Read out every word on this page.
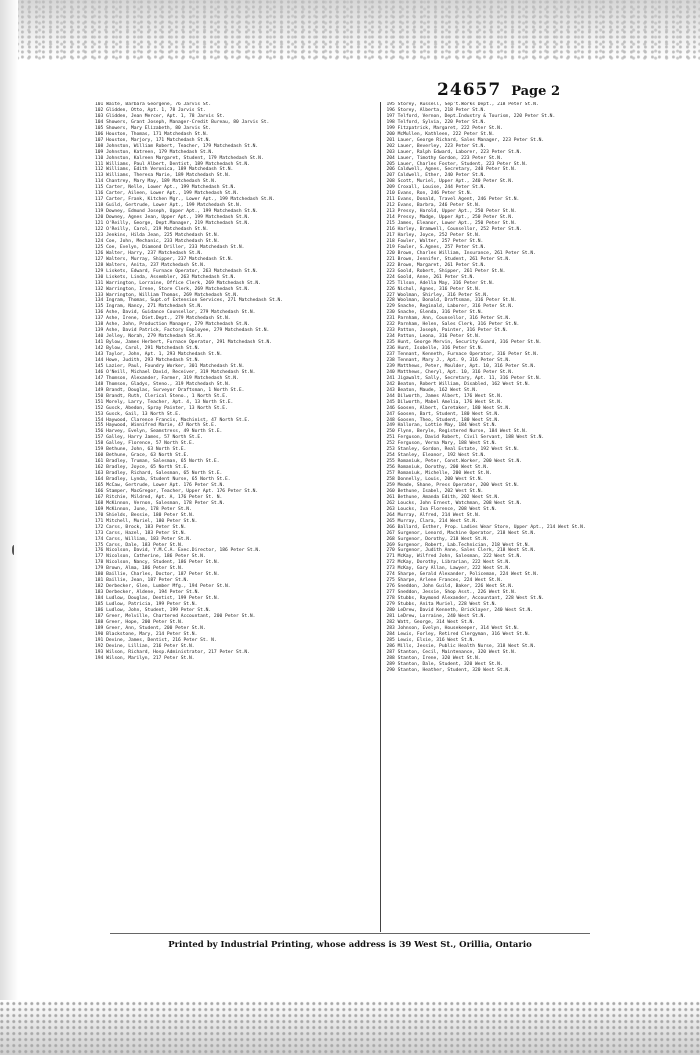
24657 Page 2
101 Waite, Barbara Georgene, 76 Jarvis St.
102 Glidden, Otto, Apt. 1, 78 Jarvis St.
103 Glidden, Jean Mercer, Apt. 1, 78 Jarvis St.
104 Showers, Grant Joseph, Manager-Credit Bureau, 80 Jarvis St.
105 Showers, Mary Elizabeth, 80 Jarvis St.
106 Houston, Thomas, 171 Matchedash St.N.
107 Houston, Marjory, 171 Matchedash St.N.
108 Johnston, William Robert, Teacher, 179 Matchedash St.N.
109 Johnston, Katreen, 179 Matchedash St.N.
110 Johnston, Kalreen Margaret, Student, 179 Matchedash St.N.
111 Williams, Paul Albert, Dentist, 189 Matchedash St.N.
112 Williams, Edith Veronica, 189 Matchedash St.N.
113 Williams, Theresa Marie, 189 Matchedash St.N.
114 Chantrey, Mary May, 189 Matchedash St.N.
115 Carter, Nelle, Lower Apt., 199 Matchedash St.N.
116 Carter, Aileen, Lower Apt., 199 Matchedash St.N.
117 Carter, Frank, Kitchen Mgr., Lower Apt., 199 Matchedash St.N.
118 Guild, Gertrude, Lower Apt., 199 Matchedash St.N.
119 Downey, Edmund Joseph, Upper Apt., 199 Matchedash St.N.
120 Downey, Agnes Jean, Upper Apt., 199 Matchedash St.N.
121 O'Reilly, George, Dept.Manager, 219 Matchedash St.N.
122 O'Reilly, Carol, 219 Matchedash St.N.
123 Jenkins, Hilda Jean, 225 Matchedash St.N.
124 Coe, John, Mechanic, 233 Matchedash St.N.
125 Coe, Evelyn, Diamond Driller, 233 Matchedash St.N.
126 Walter, Harry, 237 Matchedash St.N.
127 Walters, Murray, Shipper, 237 Matchedash St.N.
128 Walters, Anita, 237 Matchedash St.N.
129 Liskets, Edward, Furnace Operator, 263 Matchedash St.N.
130 Liskets, Linda, Assembler, 263 Matchedash St.N.
131 Warrington, Lorraine, Office Clerk, 269 Matchedash St.N.
132 Warrington, Irene, Store Clerk, 269 Matchedash St.N.
133 Warrington, William Thomas, 269 Matchedash St.N.
134 Ingram, Thomas, Supt.of Extension Services, 271 Matchedash St.N.
135 Ingram, Nancy, 271 Matchedash St.N.
136 Ashe, David, Guidance Counsellor, 279 Matchedash St.N.
137 Ashe, Irene, Diet.Dept., 279 Matchedash St.N.
138 Ashe, John, Production Manager, 279 Matchedash St.N.
139 Ashe, David Patrick, Factory Employee, 279 Matchedash St.N.
140 Jelley, Norah, 279 Matchedash St.N.
141 Bylow, James Herbert, Furnace Operator, 291 Matchedash St.N.
142 Bylow, Carol, 291 Matchedash St.N.
143 Taylor, John, Apt. 1, 293 Matchedash St.N.
144 Howe, Judith, 293 Matchedash St.N.
145 Lazier, Paul, Foundry Worker, 301 Matchedash St.N.
146 O'Neill, Michael David, Receiver, 319 Matchedash St.N.
147 Thomson, Alexander, Farmer, 319 Matchedash St.N.
148 Thomson, Gladys, Steno., 319 Matchedash St.N.
149 Brandt, Douglas, Surveyor Draftsman, 1 North St.E.
150 Brandt, Ruth, Clerical Steno., 1 North St.E.
151 Morely, Larry, Teacher, Apt. 4, 13 North St.E.
152 Gusck, Abedon, Spray Painter, 13 North St.E.
153 Gusck, Gail, 13 North St.E.
154 Haywood, Clarence Francis, Machinist, 47 North St.E.
155 Haywood, Winnifred Marie, 47 North St.E.
156 Harvey, Evelyn, Seamstress, 49 North St.E.
157 Galley, Harry James, 57 North St.E.
158 Galley, Florence, 57 North St.E.
159 Bethune, John, 63 North St.E.
160 Bethune, Grace, 63 North St.E.
161 Bradley, Truman, Salesman, 65 North St.E.
162 Bradley, Joyce, 65 North St.E.
163 Bradley, Richard, Salesman, 65 North St.E.
164 Bradley, Lynda, Student Nurse, 65 North St.E.
165 McCaw, Gertrude, Lower Apt. 176 Peter St.N.
166 Stamper, MacGregor, Teacher, Upper Apt. 176 Peter St.N.
167 Ritchie, Mildred, Apt. A, 176 Peter St. N.
168 McKinnon, Vernon, Salesman, 178 Peter St.N.
169 McKinnon, June, 178 Peter St.N.
170 Shields, Bessie, 180 Peter St.N.
171 Mitchell, Muriel, 180 Peter St.N.
172 Carss, Brock, 183 Peter St.N.
173 Carss, Hazel, 183 Peter St.N.
174 Carss, William, 183 Peter St.N.
175 Carss, Dale, 183 Peter St.N.
176 Nicolson, David, Y.M.C.A. Exec.Director, 186 Peter St.N.
177 Nicolson, Catherine, 186 Peter St.N.
178 Nicolson, Nancy, Student, 186 Peter St.N.
179 Brown, Alma, 186 Peter St.N.
180 Baillie, Charles, Doctor, 187 Peter St.N.
181 Baillie, Jean, 187 Peter St.N.
182 Derbecker, Glen, Lumber Mfg., 194 Peter St.N.
183 Derbecker, Aldene, 194 Peter St.N.
184 Ludlow, Douglas, Dentist, 199 Peter St.N.
185 Ludlow, Patricia, 199 Peter St.N.
186 Ludlow, John, Student, 199 Peter St.N.
187 Greer, Melville, Chartered Accountant, 200 Peter St.N.
188 Greer, Hope, 200 Peter St.N.
189 Greer, Ann, Student, 200 Peter St.N.
190 Blackstone, Mary, 214 Peter St.N.
191 Devine, James, Dentist, 216 Peter St. N.
192 Devine, Lillian, 216 Peter St.N.
193 Wilson, Richard, Hosp.Administrator, 217 Peter St.N.
194 Wilson, Marilyn, 217 Peter St.N.
195 Storey, Russell, Sep't.Works Dept., 218 Peter St.N.
196 Storey, Alberta, 218 Peter St.N.
197 Telford, Vernon, Dept.Industry & Tourism, 220 Peter St.N.
198 Telford, Sylvia, 220 Peter St.N.
199 Fitzpatrick, Margaret, 222 Peter St.N.
200 McMullen, Kathleen, 222 Peter St.N.
201 Lauer, George Richard, Sales Manager, 223 Peter St.N.
202 Lauer, Beverley, 223 Peter St.N.
203 Lauer, Ralph Edward, Laborer, 223 Peter St.N.
204 Lauer, Timothy Gordon, 223 Peter St.N.
205 Lauer, Charles Foster, Student, 223 Peter St.N.
206 Caldwell, Agnes, Secretary, 240 Peter St.N.
207 Caldwell, Ether, 240 Peter St.N.
208 Scott, Muriel, Upper Apt., 240 Peter St.N.
209 Croxall, Louise, 244 Peter St.N.
210 Evans, Ron, 246 Peter St.N.
211 Evans, Donald, Travel Agent, 246 Peter St.N.
212 Evans, Barbra, 246 Peter St.N.
213 Pressy, Harold, Upper Apt., 250 Peter St.N.
214 Pressy, Madge, Upper Apt., 250 Peter St.N.
215 James, Eleanor, Lower Apt., 250 Peter St.N.
216 Harley, Bramwell, Counsellor, 252 Peter St.N.
217 Harley, Joyce, 252 Peter St.N.
218 Fowler, Walter, 257 Peter St.N.
219 Fowler, S.Agnes, 257 Peter St.N.
220 Brown, Charles William, Insurance, 261 Peter St.N.
221 Brown, Jennifer, Student, 261 Peter St.N.
222 Brown, Margaret, 261 Peter St.N.
223 Goold, Robert, Shipper, 261 Peter St.N.
224 Goold, Anne, 261 Peter St.N.
225 Tilson, Adella May, 316 Peter St.N.
226 Nichol, Agnes, 316 Peter St.N.
227 Woolman, Shirley, 316 Peter St.N.
228 Woolman, Donald, Draftsman, 316 Peter St.N.
229 Snache, Reginald, Laborer, 316 Peter St.N.
230 Snache, Glenda, 316 Peter St.N.
231 Parnham, Ann, Counsellor, 316 Peter St.N.
232 Parnham, Helen, Sales Clerk, 316 Peter St.N.
233 Patton, Joseph, Painter, 316 Peter St.N.
234 Patton, Leona, 316 Peter St.N.
235 Hunt, George Mervin, Security Guard, 316 Peter St.N.
236 Hunt, Isobelle, 316 Peter St.N.
237 Tennant, Kenneth, Furnace Operator, 316 Peter St.N.
238 Tennant, Mary J., Apt. 9, 316 Peter St.N.
239 Matthews, Peter, Moulder, Apt. 10, 316 Peter St.N.
240 Matthews, Cheryl, Apt. 10, 316 Peter St.N.
241 Jigawalt, Sally, Secretary, Apt. 11, 316 Peter St.N.
242 Beaton, Robert William, Disabled, 162 West St.N.
243 Beaton, Maude, 162 West St.N.
244 Dilworth, James Albert, 176 West St.N.
245 Dilworth, Mabel Amelia, 176 West St.N.
246 Goosen, Albert, Caretaker, 180 West St.N.
247 Goosen, Bart, Student, 180 West St.N.
248 Goosen, Theo, Student, 180 West St.N.
249 Halloran, Lottie May, 184 West St.N.
250 Flynn, Beryle, Registered Nurse, 184 West St.N.
251 Ferguson, David Robert, Civil Servant, 188 West St.N.
252 Ferguson, Verna Mary, 188 West St.N.
253 Stanley, Gordon, Real Estate, 192 West St.N.
254 Stanley, Eleanor, 192 West St.N.
255 Romaniuk, Peter, Const.Worker, 200 West St.N.
256 Romaniuk, Dorothy, 200 West St.N.
257 Romaniuk, Michelle, 200 West St.N.
258 Donnelly, Louis, 200 West St.N.
259 Meade, Shane, Press Operator, 200 West St.N.
260 Bethune, Isabel, 202 West St.N.
261 Bethune, Amanda Edith, 202 West St.N.
262 Loucks, John Ernest, Watchman, 208 West St.N.
263 Loucks, Iva Florence, 208 West St.N.
264 Murray, Alfred, 214 West St.N.
265 Murray, Clara, 214 West St.N.
266 Ballard, Esther, Prop. Ladies Wear Store, Upper Apt., 214 West St.N.
267 Surgenor, Lenord, Machine Operator, 218 West St.N.
268 Surgenor, Dorothy, 218 West St.N.
269 Surgenor, Robert, Lab.Technician, 218 West St.N.
270 Surgenor, Judith Anne, Sales Clerk, 218 West St.N.
271 McKay, Wilfred John, Salesman, 222 West St.N.
272 McKay, Dorothy, Librarian, 222 West St.N.
273 McKay, Gary Allan, Lawyer, 222 West St.N.
274 Sharpe, Gerald Alexander, Policeman, 224 West St.N.
275 Sharpe, Arlene Frances, 224 West St.N.
276 Sneddon, John Guild, Baker, 226 West St.N.
277 Sneddon, Jessie, Shop Asst., 226 West St.N.
278 Stubbs, Raymond Alexander, Accountant, 228 West St.N.
279 Stubbs, Anita Muriel, 228 West St.N.
280 LeDrew, David Kenneth, Bricklayer, 240 West St.N.
281 LeDrew, Lorraine, 240 West St.N.
282 Watt, George, 314 West St.N.
283 Johnson, Evelyn, Housekeeper, 314 West St.N.
284 Lewis, Forley, Retired Clergyman, 316 West St.N.
285 Lewis, Elsie, 316 West St.N.
286 Mills, Jessie, Public Health Nurse, 318 West St.N.
287 Stanton, Cecil, Maintenance, 320 West St.N.
288 Stanton, Irene, 320 West St.N.
289 Stanton, Dale, Student, 320 West St.N.
290 Stanton, Heather, Student, 320 West St.N.
Printed by Industrial Printing, whose address is 39 West St., Orillia, Ontario
